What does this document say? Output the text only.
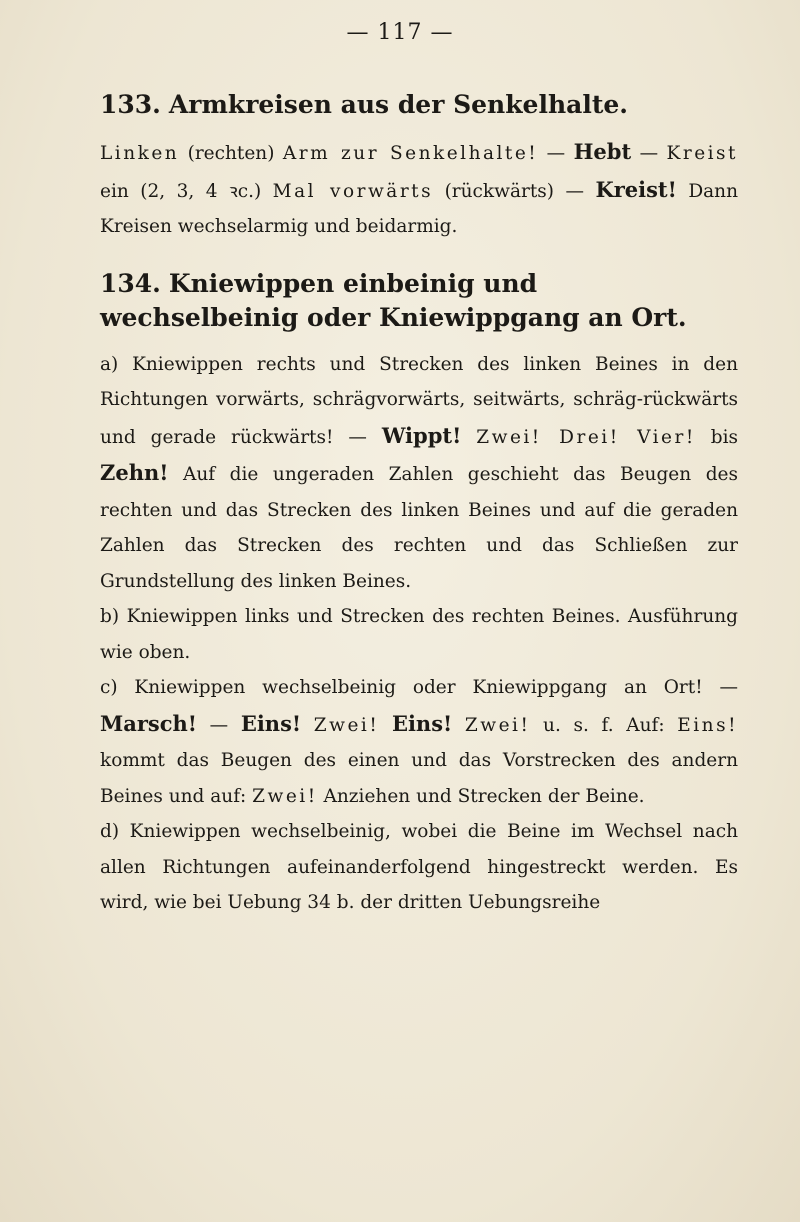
— 117 —
133. Armkreisen aus der Senkelhalte.

Linken (rechten) Arm zur Senkelhalte! — Hebt — Kreist ein (2, 3, 4 ꝛc.) Mal vorwärts (rückwärts) — Kreist! Dann Kreisen wechselarmig und beidarmig.

134. Kniewippen einbeinig und wechselbeinig oder Kniewippgang an Ort.

a) Kniewippen rechts und Strecken des linken Beines in den Richtungen vorwärts, schrägvorwärts, seitwärts, schräg-rückwärts und gerade rückwärts! — Wippt! Zwei! Drei! Vier! bis Zehn! Auf die ungeraden Zahlen geschieht das Beugen des rechten und das Strecken des linken Beines und auf die geraden Zahlen das Strecken des rechten und das Schließen zur Grundstellung des linken Beines.

b) Kniewippen links und Strecken des rechten Beines. Ausführung wie oben.

c) Kniewippen wechselbeinig oder Kniewippgang an Ort! — Marsch! — Eins! Zwei! Eins! Zwei! u. s. f. Auf: Eins! kommt das Beugen des einen und das Vorstrecken des andern Beines und auf: Zwei! Anziehen und Strecken der Beine.

d) Kniewippen wechselbeinig, wobei die Beine im Wechsel nach allen Richtungen aufeinanderfolgend hingestreckt werden. Es wird, wie bei Uebung 34 b. der dritten Uebungsreihe
